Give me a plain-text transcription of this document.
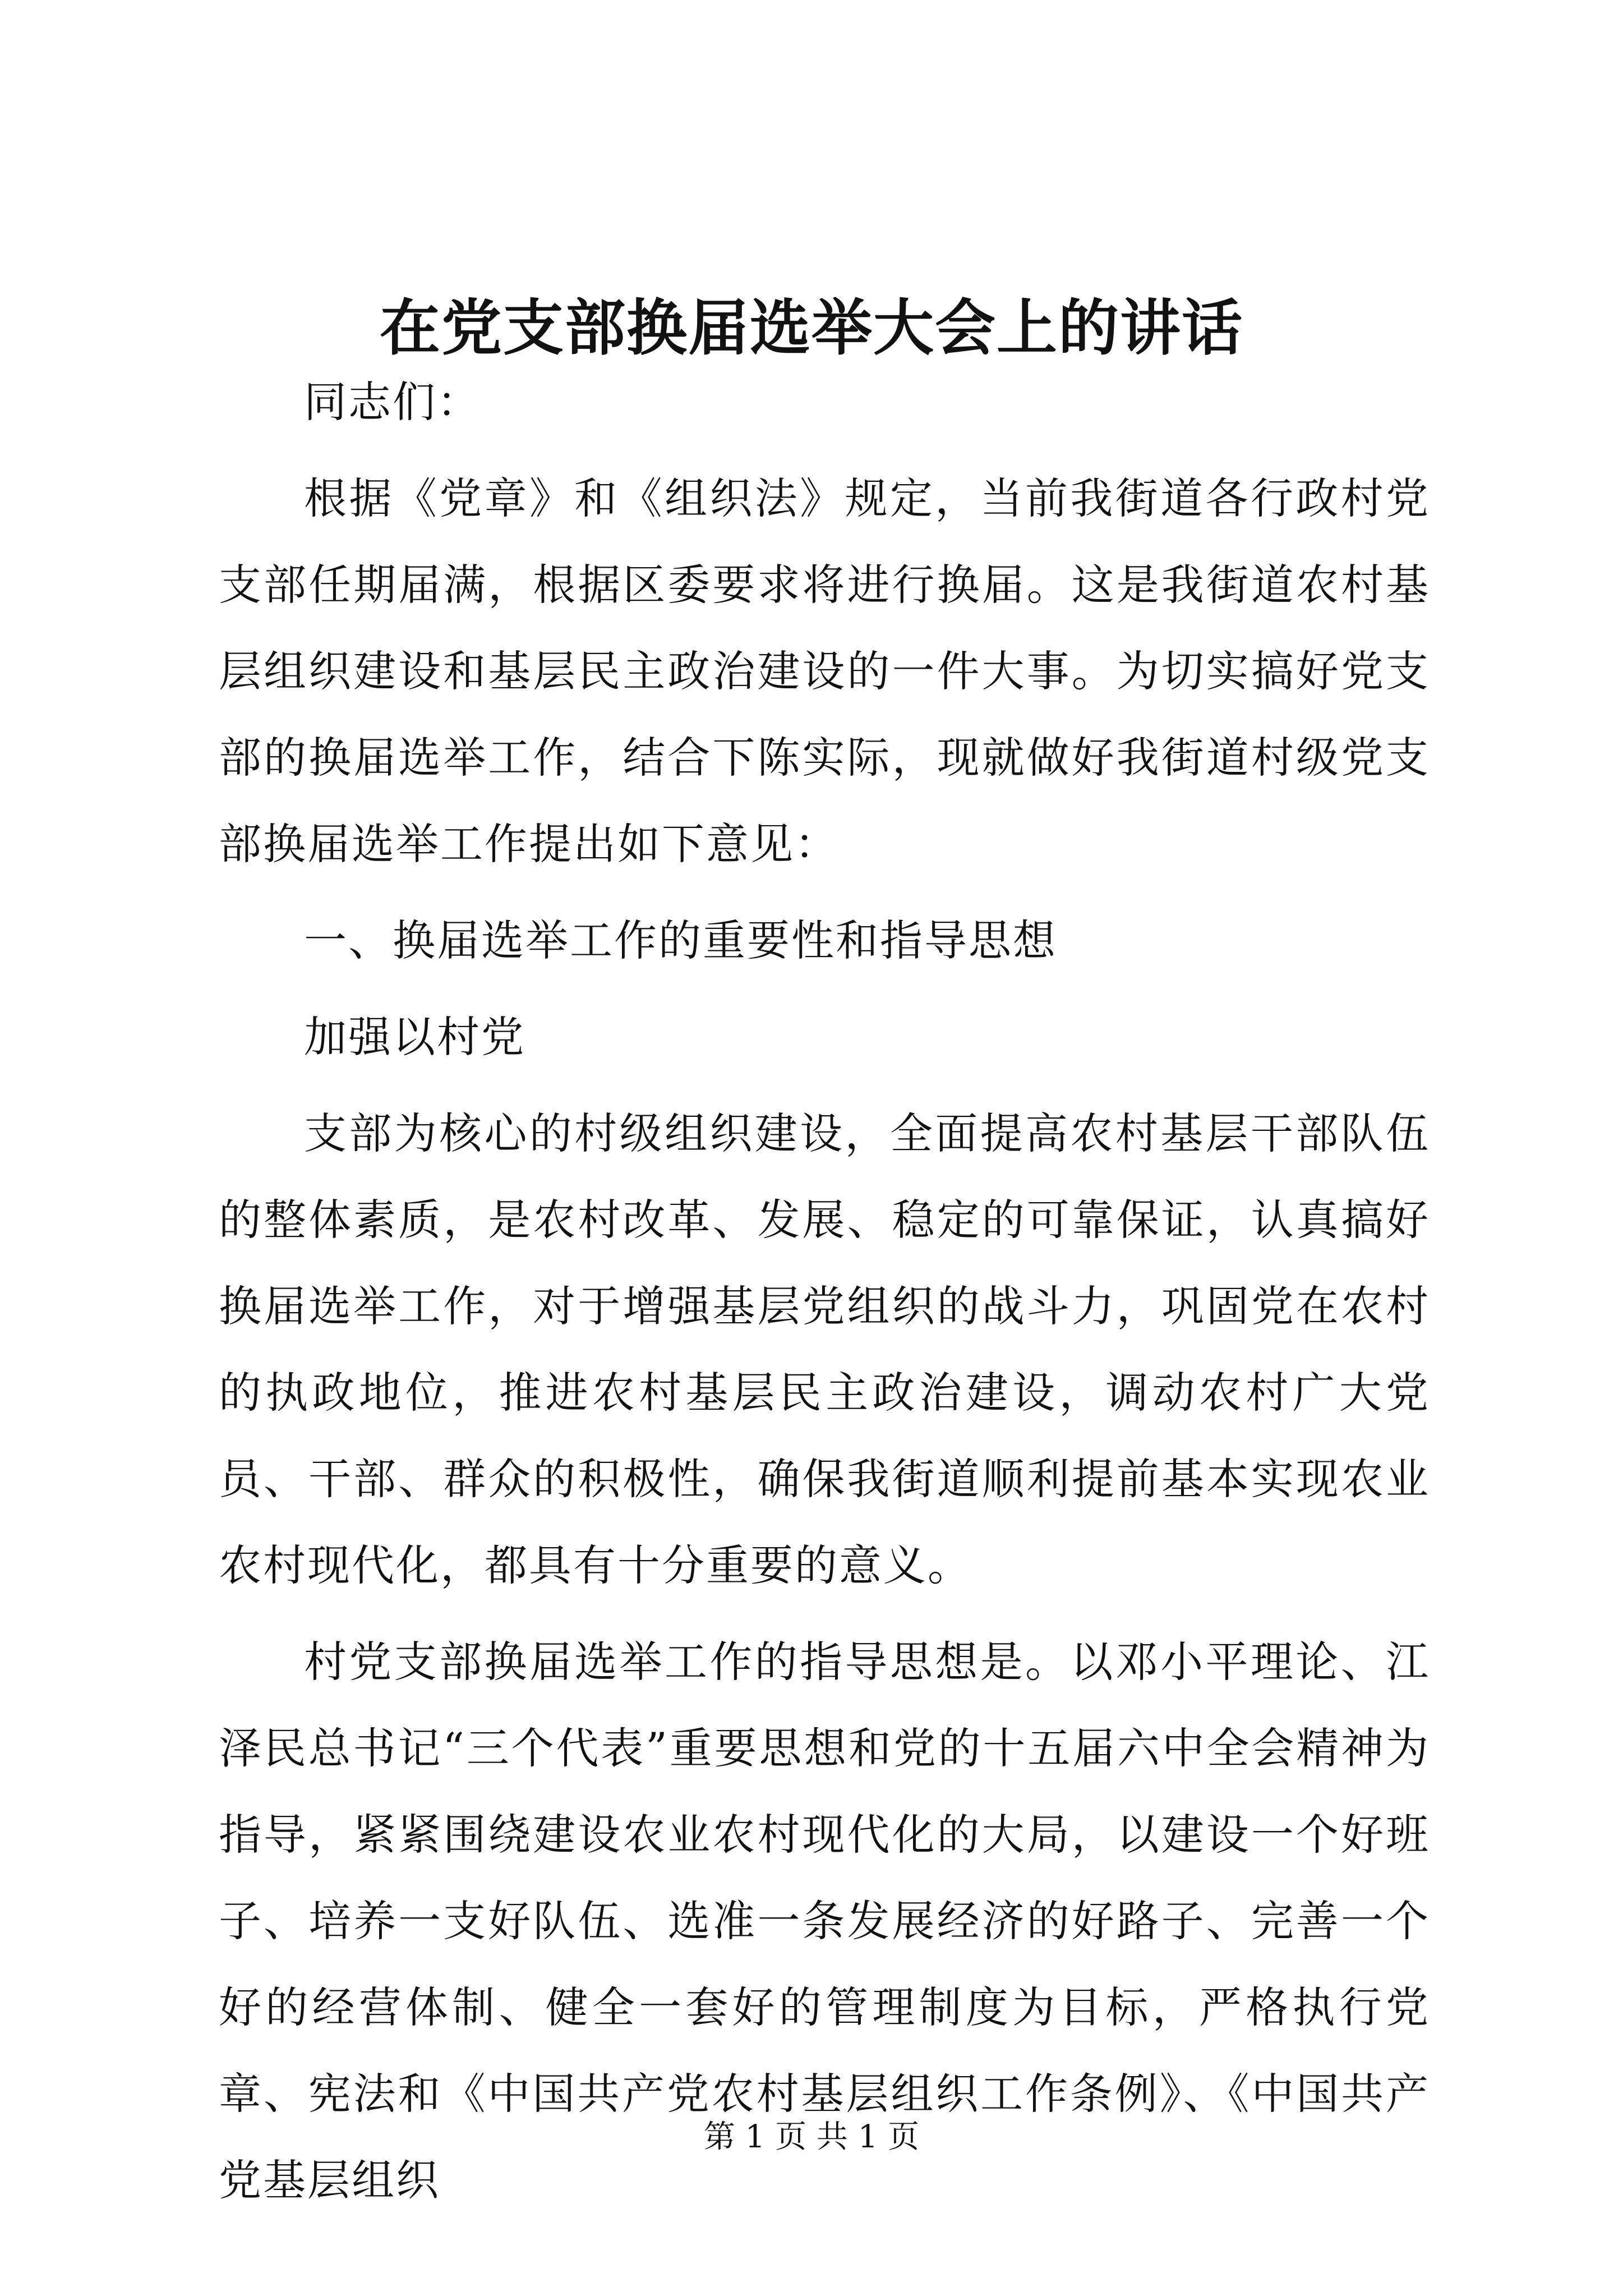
在党支部换届选举大会上的讲话

同志们：

根据《党章》和《组织法》规定，当前我街道各行政村党支部任期届满，根据区委要求将进行换届。这是我街道农村基层组织建设和基层民主政治建设的一件大事。为切实搞好党支部的换届选举工作，结合下陈实际，现就做好我街道村级党支部换届选举工作提出如下意见：

一、换届选举工作的重要性和指导思想

加强以村党

支部为核心的村级组织建设，全面提高农村基层干部队伍的整体素质，是农村改革、发展、稳定的可靠保证，认真搞好换届选举工作，对于增强基层党组织的战斗力，巩固党在农村的执政地位，推进农村基层民主政治建设，调动农村广大党员、干部、群众的积极性，确保我街道顺利提前基本实现农业农村现代化，都具有十分重要的意义。

村党支部换届选举工作的指导思想是。以邓小平理论、江泽民总书记“三个代表”重要思想和党的十五届六中全会精神为指导，紧紧围绕建设农业农村现代化的大局，以建设一个好班子、培养一支好队伍、选准一条发展经济的好路子、完善一个好的经营体制、健全一套好的管理制度为目标，严格执行党章、宪法和《中国共产党农村基层组织工作条例》、《中国共产党基层组织

第 1 页 共 1 页
